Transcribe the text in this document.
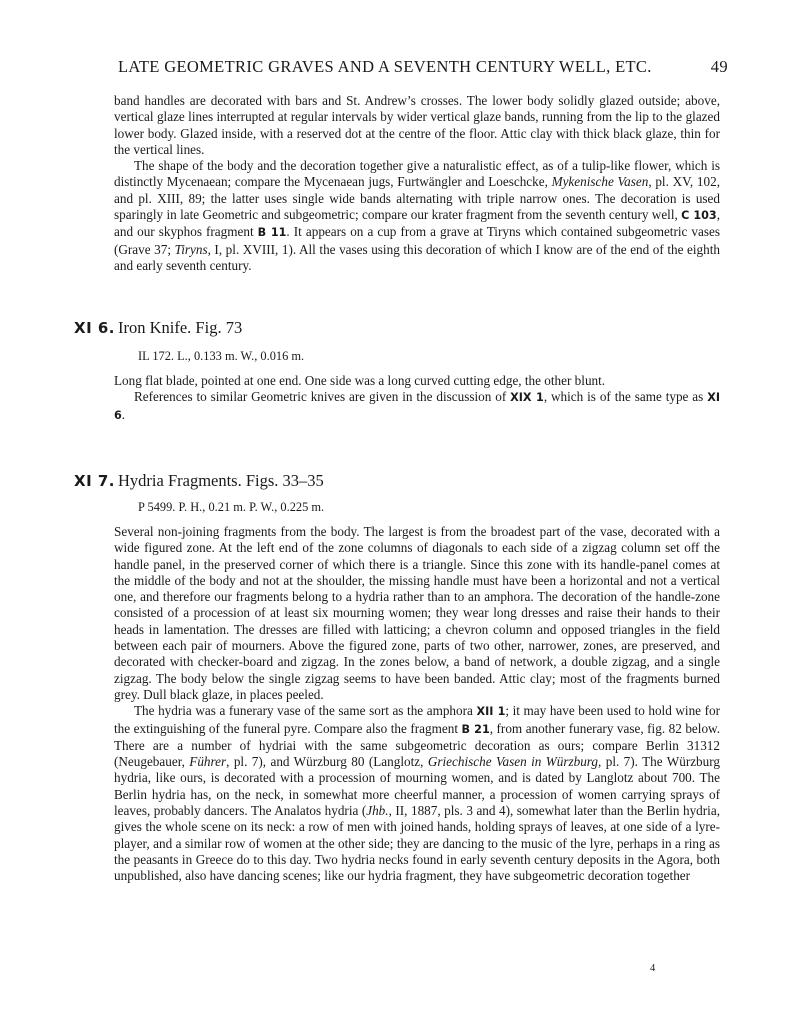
LATE GEOMETRIC GRAVES AND A SEVENTH CENTURY WELL, ETC.	49

band handles are decorated with bars and St. Andrew’s crosses. The lower body solidly glazed outside; above, vertical glaze lines interrupted at regular intervals by wider vertical glaze bands, running from the lip to the glazed lower body. Glazed inside, with a reserved dot at the centre of the floor. Attic clay with thick black glaze, thin for the vertical lines.

The shape of the body and the decoration together give a naturalistic effect, as of a tulip-like flower, which is distinctly Mycenaean; compare the Mycenaean jugs, Furtwängler and Loeschcke, Mykenische Vasen, pl. XV, 102, and pl. XIII, 89; the latter uses single wide bands alternating with triple narrow ones. The decoration is used sparingly in late Geometric and subgeometric; compare our krater fragment from the seventh century well, C 103, and our skyphos fragment B 11. It appears on a cup from a grave at Tiryns which contained subgeometric vases (Grave 37; Tiryns, I, pl. XVIII, 1). All the vases using this decoration of which I know are of the end of the eighth and early seventh century.

XI 6. Iron Knife. Fig. 73
IL 172. L., 0.133 m. W., 0.016 m.

Long flat blade, pointed at one end. One side was a long curved cutting edge, the other blunt.

References to similar Geometric knives are given in the discussion of XIX 1, which is of the same type as XI 6.

XI 7. Hydria Fragments. Figs. 33–35
P 5499. P. H., 0.21 m. P. W., 0.225 m.

Several non-joining fragments from the body. The largest is from the broadest part of the vase, decorated with a wide figured zone. At the left end of the zone columns of diagonals to each side of a zigzag column set off the handle panel, in the preserved corner of which there is a triangle. Since this zone with its handle-panel comes at the middle of the body and not at the shoulder, the missing handle must have been a horizontal and not a vertical one, and therefore our fragments belong to a hydria rather than to an amphora. The decoration of the handle-zone consisted of a procession of at least six mourning women; they wear long dresses and raise their hands to their heads in lamentation. The dresses are filled with latticing; a chevron column and opposed triangles in the field between each pair of mourners. Above the figured zone, parts of two other, narrower, zones, are preserved, and decorated with checker-board and zigzag. In the zones below, a band of network, a double zigzag, and a single zigzag. The body below the single zigzag seems to have been banded. Attic clay; most of the fragments burned grey. Dull black glaze, in places peeled.

The hydria was a funerary vase of the same sort as the amphora XII 1; it may have been used to hold wine for the extinguishing of the funeral pyre. Compare also the fragment B 21, from another funerary vase, fig. 82 below. There are a number of hydriai with the same subgeometric decoration as ours; compare Berlin 31312 (Neugebauer, Führer, pl. 7), and Würzburg 80 (Langlotz, Griechische Vasen in Würzburg, pl. 7). The Würzburg hydria, like ours, is decorated with a procession of mourning women, and is dated by Langlotz about 700. The Berlin hydria has, on the neck, in somewhat more cheerful manner, a procession of women carrying sprays of leaves, probably dancers. The Analatos hydria (Jhb., II, 1887, pls. 3 and 4), somewhat later than the Berlin hydria, gives the whole scene on its neck: a row of men with joined hands, holding sprays of leaves, at one side of a lyre-player, and a similar row of women at the other side; they are dancing to the music of the lyre, perhaps in a ring as the peasants in Greece do to this day. Two hydria necks found in early seventh century deposits in the Agora, both unpublished, also have dancing scenes; like our hydria fragment, they have subgeometric decoration together

4
